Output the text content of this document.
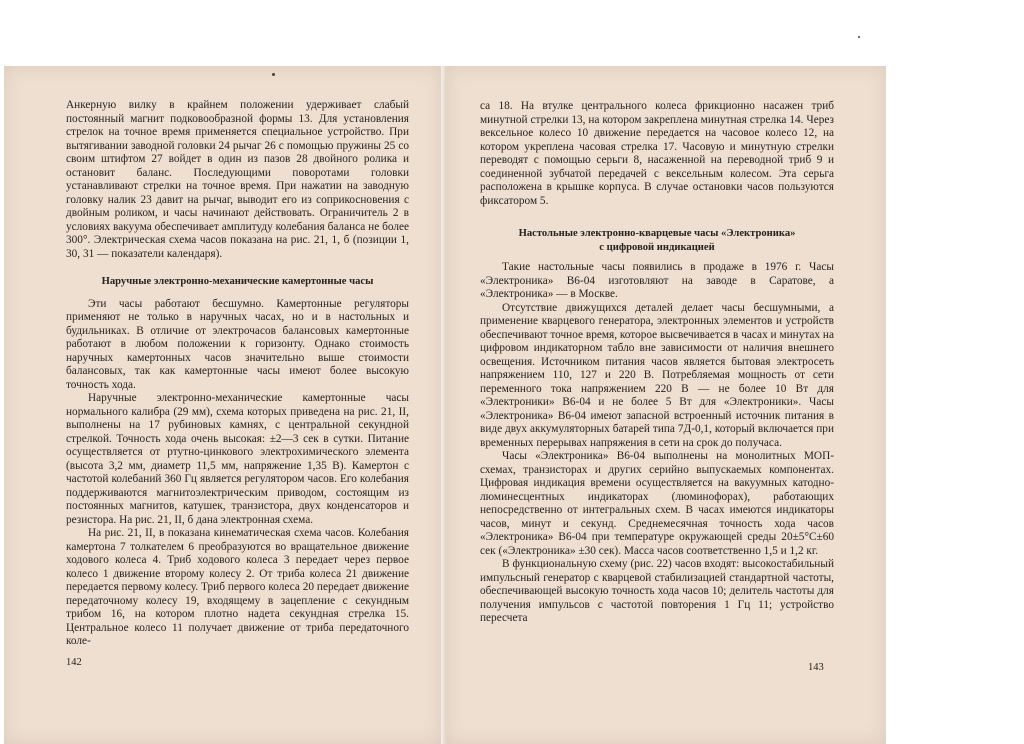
Анкерную вилку в крайнем положении удерживает слабый постоянный магнит подковообразной формы 13. Для установления стрелок на точное время применяется специальное устройство. При вытягивании заводной головки 24 рычаг 26 с помощью пружины 25 со своим штифтом 27 войдет в один из пазов 28 двойного ролика и остановит баланс. Последующими поворотами головки устанавливают стрелки на точное время. При нажатии на заводную головку налик 23 давит на рычаг, выводит его из соприкосновения с двойным роликом, и часы начинают действовать. Ограничитель 2 в условиях вакуума обеспечивает амплитуду колебания баланса не более 300°. Электрическая схема часов показана на рис. 21, 1, б (позиции 1, 30, 31 — показатели календаря).

Наручные электронно-механические камертонные часы

Эти часы работают бесшумно. Камертонные регуляторы применяют не только в наручных часах, но и в настольных и будильниках. В отличие от электрочасов балансовых камертонные работают в любом положении к горизонту. Однако стоимость наручных камертонных часов значительно выше стоимости балансовых, так как камертонные часы имеют более высокую точность хода.

Наручные электронно-механические камертонные часы нормального калибра (29 мм), схема которых приведена на рис. 21, II, выполнены на 17 рубиновых камнях, с центральной секундной стрелкой. Точность хода очень высокая: ±2—3 сек в сутки. Питание осуществляется от ртутно-цинкового электрохимического элемента (высота 3,2 мм, диаметр 11,5 мм, напряжение 1,35 В). Камертон с частотой колебаний 360 Гц является регулятором часов. Его колебания поддерживаются магнитоэлектрическим приводом, состоящим из постоянных магнитов, катушек, транзистора, двух конденсаторов и резистора. На рис. 21, II, б дана электронная схема.

На рис. 21, II, в показана кинематическая схема часов. Колебания камертона 7 толкателем 6 преобразуются во вращательное движение ходового колеса 4. Триб ходового колеса 3 передает через первое колесо 1 движение второму колесу 2. От триба колеса 21 движение передается первому колесу. Триб первого колеса 20 передает движение передаточному колесу 19, входящему в зацепление с секундным трибом 16, на котором плотно надета секундная стрелка 15. Центральное колесо 11 получает движение от триба передаточного коле-

142

са 18. На втулке центрального колеса фрикционно насажен триб минутной стрелки 13, на котором закреплена минутная стрелка 14. Через вексельное колесо 10 движение передается на часовое колесо 12, на котором укреплена часовая стрелка 17. Часовую и минутную стрелки переводят с помощью серьги 8, насаженной на переводной триб 9 и соединенной зубчатой передачей с вексельным колесом. Эта серьга расположена в крышке корпуса. В случае остановки часов пользуются фиксатором 5.

Настольные электронно-кварцевые часы «Электроника»
с цифровой индикацией

Такие настольные часы появились в продаже в 1976 г. Часы «Электроника» В6-04 изготовляют на заводе в Саратове, а «Электроника» — в Москве.

Отсутствие движущихся деталей делает часы бесшумными, а применение кварцевого генератора, электронных элементов и устройств обеспечивают точное время, которое высвечивается в часах и минутах на цифровом индикаторном табло вне зависимости от наличия внешнего освещения. Источником питания часов является бытовая электросеть напряжением 110, 127 и 220 В. Потребляемая мощность от сети переменного тока напряжением 220 В — не более 10 Вт для «Электроники» В6-04 и не более 5 Вт для «Электроники». Часы «Электроника» В6-04 имеют запасной встроенный источник питания в виде двух аккумуляторных батарей типа 7Д-0,1, который включается при временных перерывах напряжения в сети на срок до получаса.

Часы «Электроника» В6-04 выполнены на монолитных МОП-схемах, транзисторах и других серийно выпускаемых компонентах. Цифровая индикация времени осуществляется на вакуумных катодно-люминесцентных индикаторах (люминофорах), работающих непосредственно от интегральных схем. В часах имеются индикаторы часов, минут и секунд. Среднемесячная точность хода часов «Электроника» В6-04 при температуре окружающей среды 20±5°С±60 сек («Электроника» ±30 сек). Масса часов соответственно 1,5 и 1,2 кг.

В функциональную схему (рис. 22) часов входят: высокостабильный импульсный генератор с кварцевой стабилизацией стандартной частоты, обеспечивающей высокую точность хода часов 10; делитель частоты для получения импульсов с частотой повторения 1 Гц 11; устройство пересчета

143
